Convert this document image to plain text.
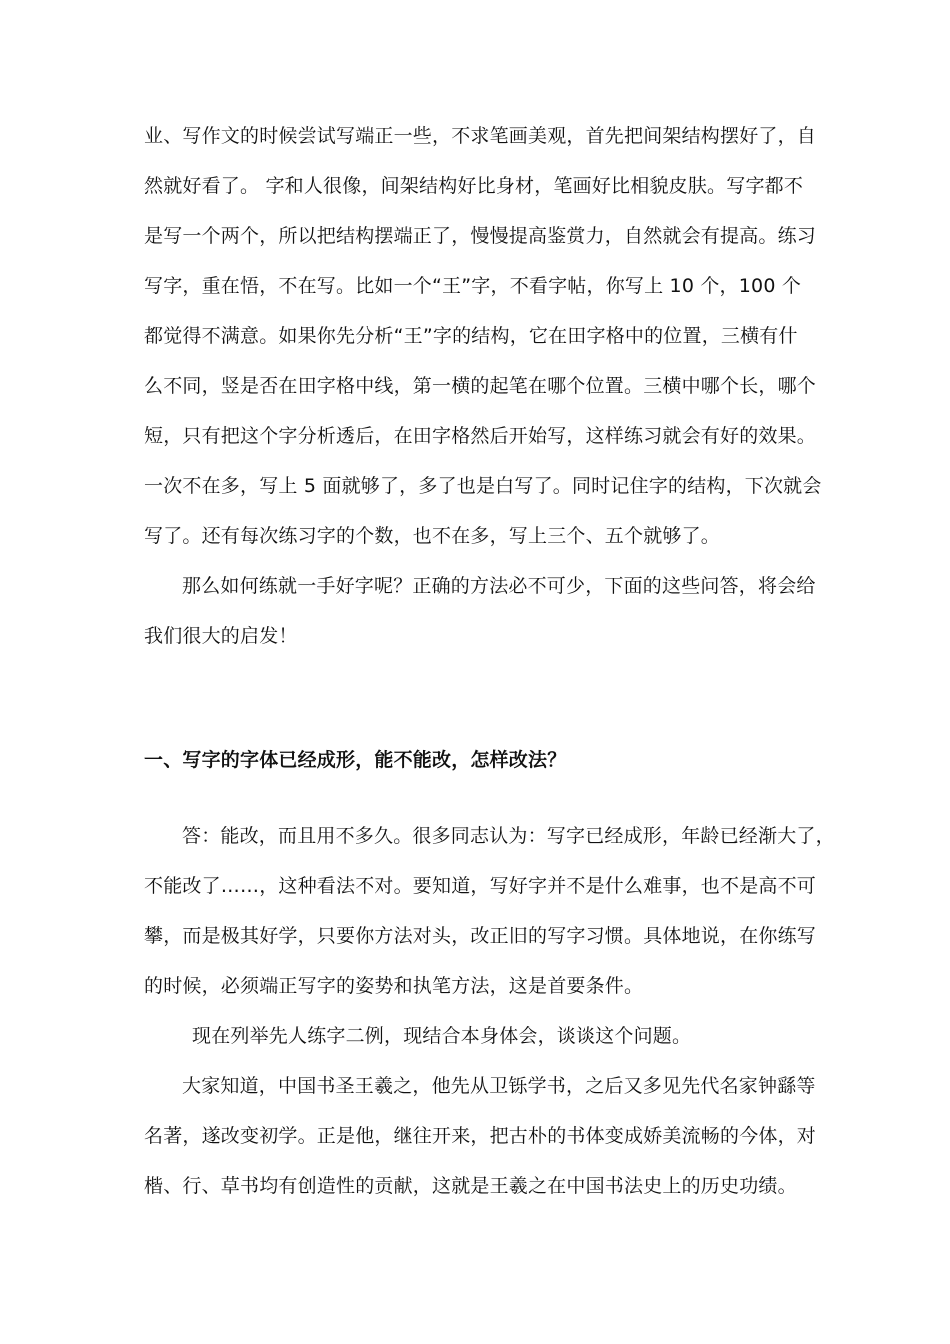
业、写作文的时候尝试写端正一些，不求笔画美观，首先把间架结构摆好了，自
然就好看了。 字和人很像，间架结构好比身材，笔画好比相貌皮肤。写字都不
是写一个两个，所以把结构摆端正了，慢慢提高鉴赏力，自然就会有提高。练习
写字，重在悟，不在写。比如一个“王”字，不看字帖，你写上 10 个，100 个
都觉得不满意。如果你先分析“王”字的结构，它在田字格中的位置，三横有什
么不同，竖是否在田字格中线，第一横的起笔在哪个位置。三横中哪个长，哪个
短，只有把这个字分析透后，在田字格然后开始写，这样练习就会有好的效果。
一次不在多，写上 5 面就够了，多了也是白写了。同时记住字的结构，下次就会
写了。还有每次练习字的个数，也不在多，写上三个、五个就够了。
那么如何练就一手好字呢？正确的方法必不可少，下面的这些问答，将会给
我们很大的启发！
一、写字的字体已经成形，能不能改，怎样改法？
答：能改，而且用不多久。很多同志认为：写字已经成形，年龄已经渐大了，
不能改了……，这种看法不对。要知道，写好字并不是什么难事，也不是高不可
攀，而是极其好学，只要你方法对头，改正旧的写字习惯。具体地说，在你练写
的时候，必须端正写字的姿势和执笔方法，这是首要条件。
现在列举先人练字二例，现结合本身体会，谈谈这个问题。
大家知道，中国书圣王羲之，他先从卫铄学书，之后又多见先代名家钟繇等
名著，遂改变初学。正是他，继往开来，把古朴的书体变成娇美流畅的今体，对
楷、行、草书均有创造性的贡献，这就是王羲之在中国书法史上的历史功绩。
